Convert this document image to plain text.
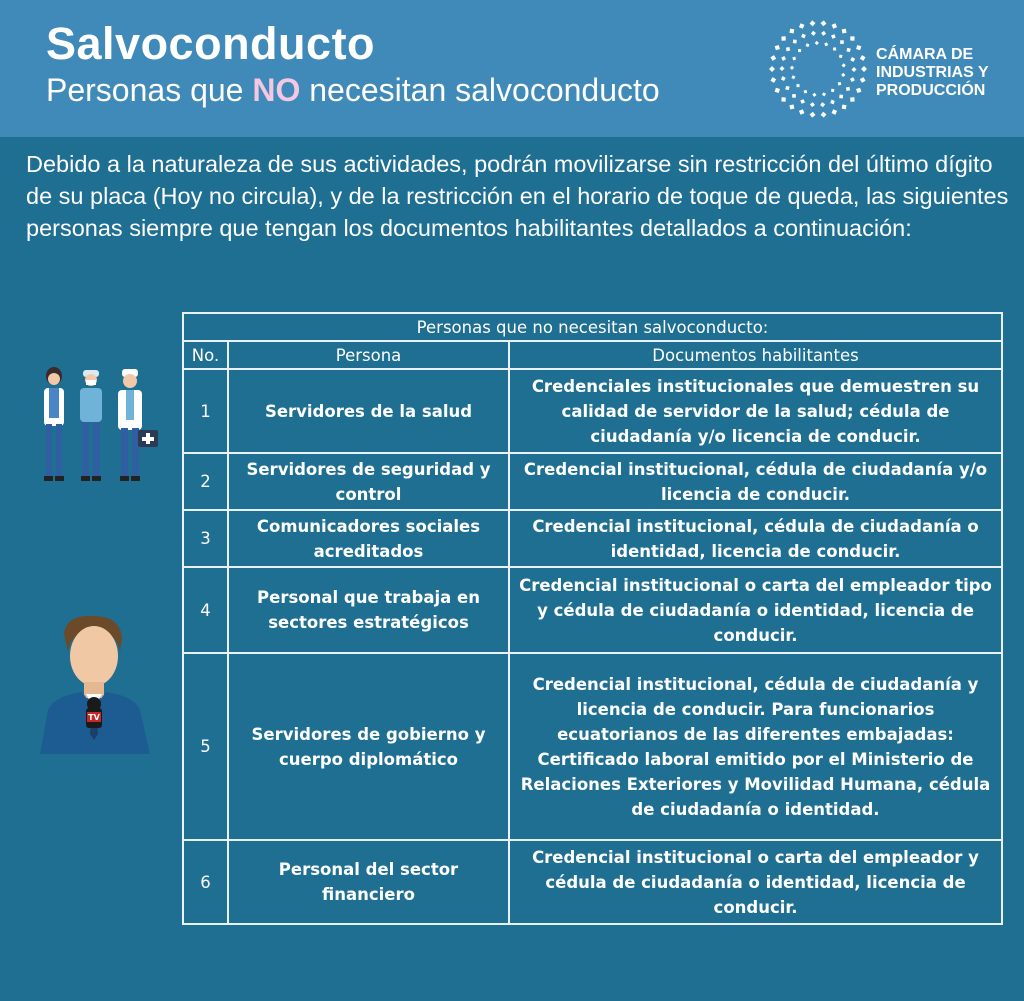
Salvoconducto
Personas que NO necesitan salvoconducto
CÁMARA DE
INDUSTRIAS Y
PRODUCCIÓN

Debido a la naturaleza de sus actividades, podrán movilizarse sin restricción del último dígito de su placa (Hoy no circula), y de la restricción en el horario de toque de queda, las siguientes personas siempre que tengan los documentos habilitantes detallados a continuación:

TV
Personas que no necesitan salvoconducto:		
No.	Persona	Documentos habilitantes
1	Servidores de la salud	Credenciales institucionales que demuestren su calidad de servidor de la salud; cédula de ciudadanía y/o licencia de conducir.
2	Servidores de seguridad y control	Credencial institucional, cédula de ciudadanía y/o licencia de conducir.
3	Comunicadores sociales acreditados	Credencial institucional, cédula de ciudadanía o identidad, licencia de conducir.
4	Personal que trabaja en sectores estratégicos	Credencial institucional o carta del empleador tipo y cédula de ciudadanía o identidad, licencia de conducir.
5	Servidores de gobierno y cuerpo diplomático	Credencial institucional, cédula de ciudadanía y licencia de conducir. Para funcionarios ecuatorianos de las diferentes embajadas: Certificado laboral emitido por el Ministerio de Relaciones Exteriores y Movilidad Humana, cédula de ciudadanía o identidad.
6	Personal del sector financiero	Credencial institucional o carta del empleador y cédula de ciudadanía o identidad, licencia de conducir.
